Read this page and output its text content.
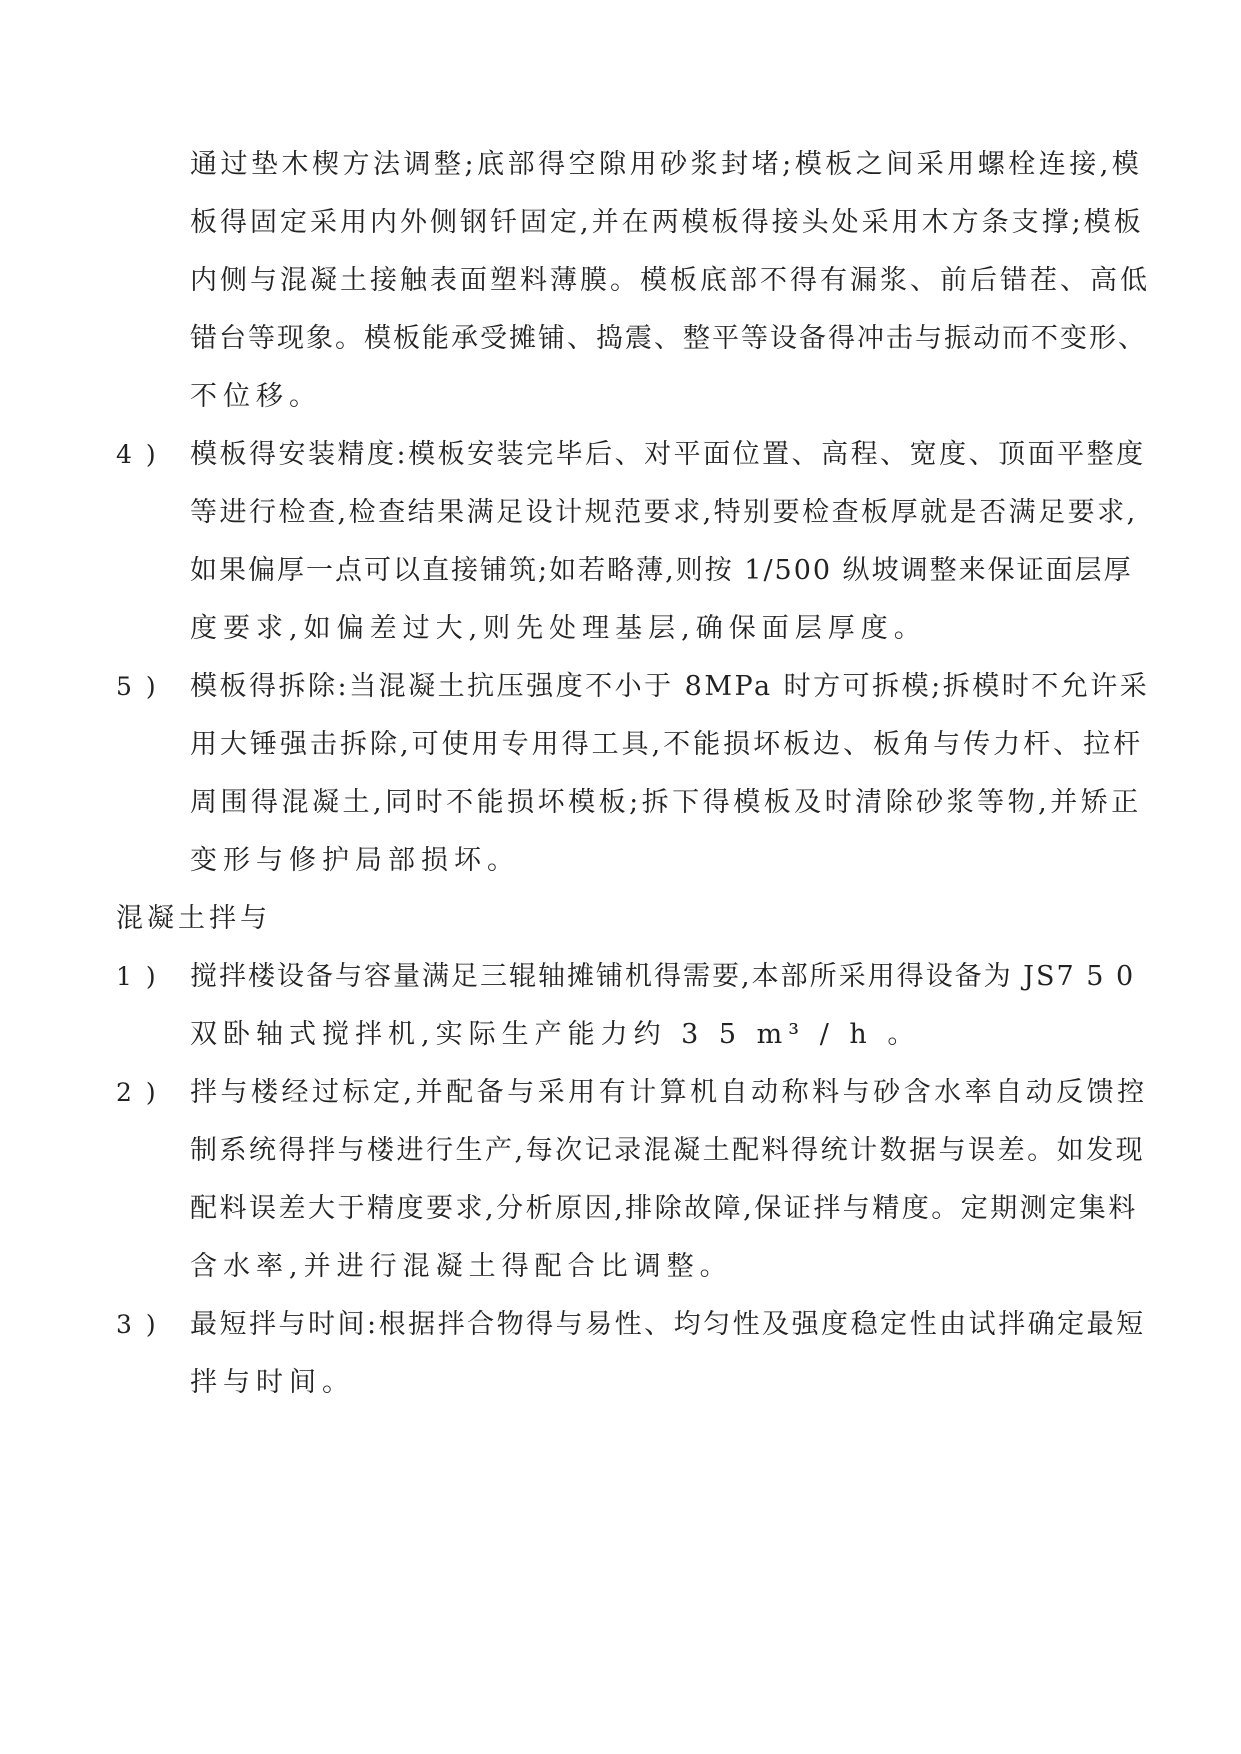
通过垫木楔方法调整;底部得空隙用砂浆封堵;模板之间采用螺栓连接,模
板得固定采用内外侧钢钎固定,并在两模板得接头处采用木方条支撑;模板
内侧与混凝土接触表面塑料薄膜。模板底部不得有漏浆、前后错茬、高低
错台等现象。模板能承受摊铺、捣震、整平等设备得冲击与振动而不变形、
不位移。
4) 模板得安装精度:模板安装完毕后、对平面位置、高程、宽度、顶面平整度
等进行检查,检查结果满足设计规范要求,特别要检查板厚就是否满足要求,
如果偏厚一点可以直接铺筑;如若略薄,则按 1/500 纵坡调整来保证面层厚
度要求,如偏差过大,则先处理基层,确保面层厚度。
5) 模板得拆除:当混凝土抗压强度不小于 8MPa 时方可拆模;拆模时不允许采
用大锤强击拆除,可使用专用得工具,不能损坏板边、板角与传力杆、拉杆
周围得混凝土,同时不能损坏模板;拆下得模板及时清除砂浆等物,并矫正
变形与修护局部损坏。
混凝土拌与
1) 搅拌楼设备与容量满足三辊轴摊铺机得需要,本部所采用得设备为 JS7 5 0
双卧轴式搅拌机,实际生产能力约 3 5 m³ / h 。
2) 拌与楼经过标定,并配备与采用有计算机自动称料与砂含水率自动反馈控
制系统得拌与楼进行生产,每次记录混凝土配料得统计数据与误差。如发现
配料误差大于精度要求,分析原因,排除故障,保证拌与精度。定期测定集料
含水率,并进行混凝土得配合比调整。
3) 最短拌与时间:根据拌合物得与易性、均匀性及强度稳定性由试拌确定最短
拌与时间。
